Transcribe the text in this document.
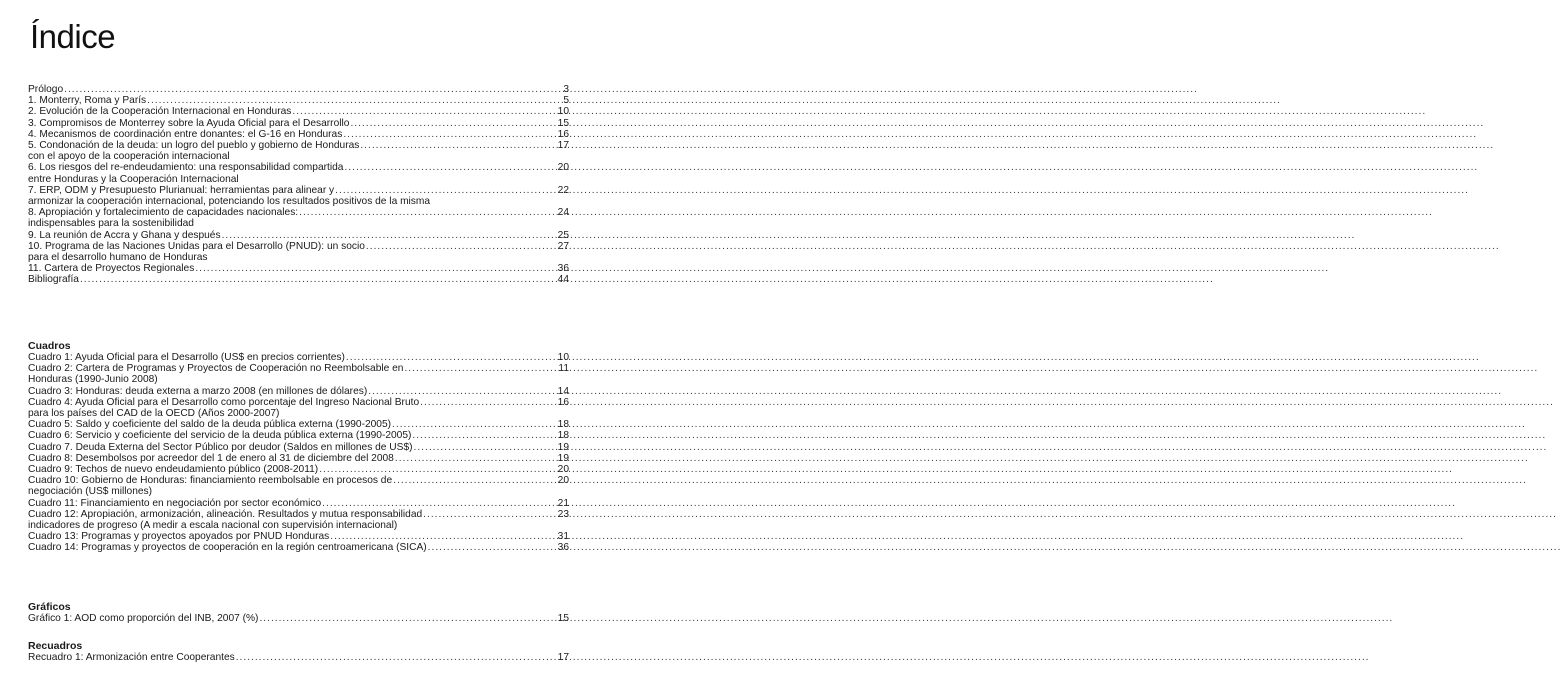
Índice
Prólogo .....	3
1. Monterry, Roma y París .....	5
2. Evolución de la Cooperación Internacional en Honduras .....	10
3. Compromisos de Monterrey sobre la Ayuda Oficial para el Desarrollo .....	15
4. Mecanismos de coordinación entre donantes: el G-16 en Honduras .....	16
5. Condonación de la deuda: un logro del pueblo y gobierno de Honduras .....	17
con el apoyo de la cooperación internacional
6. Los riesgos del re-endeudamiento: una responsabilidad compartida .....	20
entre Honduras y la Cooperación Internacional
7. ERP, ODM y Presupuesto Plurianual: herramientas para alinear y .....	22
armonizar la cooperación internacional, potenciando los resultados positivos de la misma
8. Apropiación y fortalecimiento de capacidades nacionales: .....	24
indispensables para la sostenibilidad
9. La reunión de Accra y Ghana y después .....	25
10. Programa de las Naciones Unidas para el Desarrollo (PNUD): un socio .....	27
para el desarrollo humano de Honduras
11. Cartera de Proyectos Regionales .....	36
Bibliografía .....	44
Cuadros
Cuadro 1: Ayuda Oficial para el Desarrollo (US$ en precios corrientes) .....	10
Cuadro 2: Cartera de Programas y Proyectos de Cooperación no Reembolsable en .....	11
Honduras (1990-Junio 2008)
Cuadro 3: Honduras: deuda externa a marzo 2008 (en millones de dólares) .....	14
Cuadro 4: Ayuda Oficial para el Desarrollo como porcentaje del Ingreso Nacional Bruto .....	16
para los países del CAD de la OECD (Años 2000-2007)
Cuadro 5: Saldo y coeficiente del saldo de la deuda pública externa (1990-2005) .....	18
Cuadro 6: Servicio y coeficiente del servicio de la deuda pública externa (1990-2005) .....	18
Cuadro 7. Deuda Externa del Sector Público por deudor (Saldos en millones de US$) .....	19
Cuadro 8: Desembolsos por acreedor del 1 de enero al 31 de diciembre del 2008 .....	19
Cuadro 9: Techos de nuevo endeudamiento público (2008-2011) .....	20
Cuadro 10: Gobierno de Honduras: financiamiento reembolsable en procesos de .....	20
negociación (US$ millones)
Cuadro 11: Financiamiento en negociación por sector económico .....	21
Cuadro 12: Apropiación, armonización, alineación. Resultados y mutua responsabilidad .....	23
indicadores de progreso (A medir a escala nacional con supervisión internacional)
Cuadro 13: Programas y proyectos apoyados por PNUD Honduras .....	31
Cuadro 14: Programas y proyectos de cooperación en la región centroamericana (SICA) .....	36
Gráficos
Gráfico 1: AOD como proporción del INB, 2007 (%) .....	15
Recuadros
Recuadro 1: Armonización entre Cooperantes .....	17
